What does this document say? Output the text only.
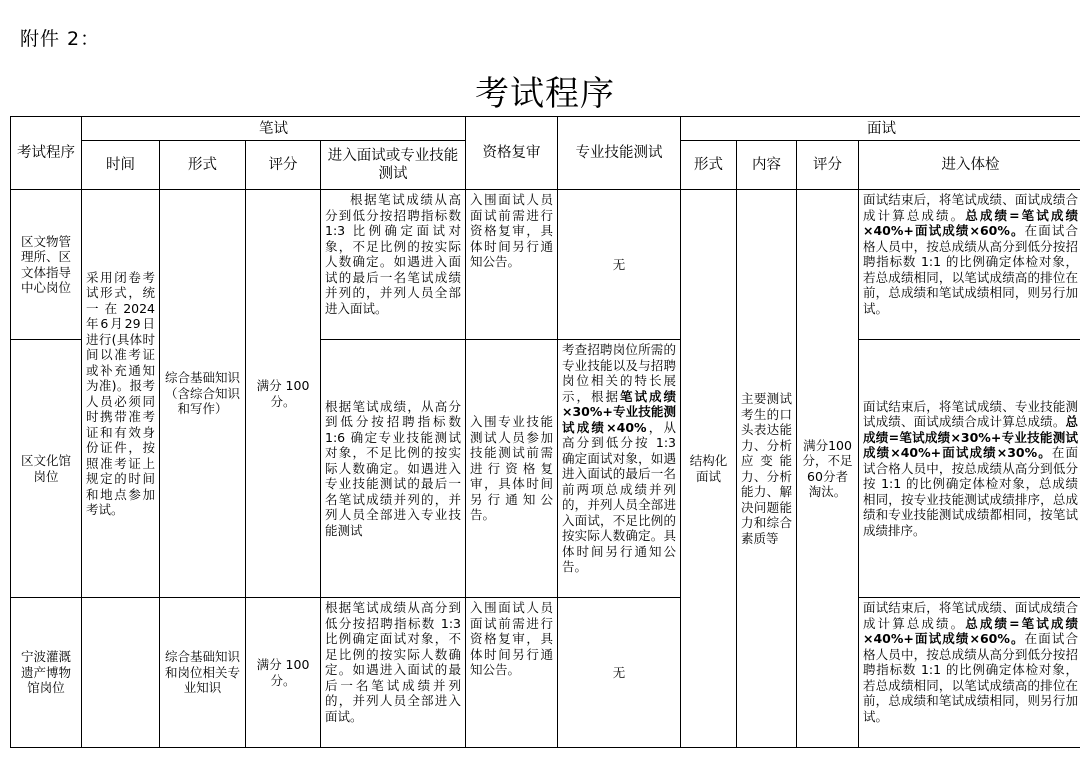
附件 2：
考试程序
考试程序	笔试				资格复审	专业技能测试	面试			
	时间	形式	评分	进入面试或专业技能测试			形式	内容	评分	进入体检
区文物管理所、区文体指导中心岗位	采用闭卷考试形式，统一在2024年6月29日进行(具体时间以准考证或补充通知为准)。报考人员必须同时携带准考证和有效身份证件，按照准考证上规定的时间和地点参加考试。	综合基础知识（含综合知识和写作）	满分 100 分。	根据笔试成绩从高分到低分按招聘指标数 1:3 比例确定面试对象，不足比例的按实际人数确定。如遇进入面试的最后一名笔试成绩并列的，并列人员全部进入面试。	入围面试人员面试前需进行资格复审，具体时间另行通知公告。	无	结构化面试	主要测试考生的口头表达能力、分析应变能力、分析能力、解决问题能力和综合素质等	满分100分，不足60分者淘汰。	面试结束后，将笔试成绩、面试成绩合成计算总成绩。总成绩=笔试成绩×40%+面试成绩×60%。在面试合格人员中，按总成绩从高分到低分按招聘指标数 1:1 的比例确定体检对象，若总成绩相同，以笔试成绩高的排位在前，总成绩和笔试成绩相同，则另行加试。
区文化馆岗位				根据笔试成绩，从高分到低分按招聘指标数 1:6 确定专业技能测试对象，不足比例的按实际人数确定。如遇进入专业技能测试的最后一名笔试成绩并列的，并列人员全部进入专业技能测试	入围专业技能测试人员参加技能测试前需进行资格复审，具体时间另行通知公告。	考查招聘岗位所需的专业技能以及与招聘岗位相关的特长展示，根据笔试成绩×30%+专业技能测试成绩×40%，从高分到低分按 1:3 确定面试对象，如遇进入面试的最后一名前两项总成绩并列的，并列人员全部进入面试，不足比例的按实际人数确定。具体时间另行通知公告。				面试结束后，将笔试成绩、专业技能测试成绩、面试成绩合成计算总成绩。总成绩=笔试成绩×30%+专业技能测试成绩×40%+面试成绩×30%。在面试合格人员中，按总成绩从高分到低分按 1:1 的比例确定体检对象，总成绩相同，按专业技能测试成绩排序，总成绩和专业技能测试成绩都相同，按笔试成绩排序。
宁波灌溉遗产博物馆岗位		综合基础知识和岗位相关专业知识	满分 100 分。	根据笔试成绩从高分到低分按招聘指标数 1:3 比例确定面试对象，不足比例的按实际人数确定。如遇进入面试的最后一名笔试成绩并列的，并列人员全部进入面试。	入围面试人员面试前需进行资格复审，具体时间另行通知公告。	无				面试结束后，将笔试成绩、面试成绩合成计算总成绩。总成绩=笔试成绩×40%+面试成绩×60%。在面试合格人员中，按总成绩从高分到低分按招聘指标数 1:1 的比例确定体检对象，若总成绩相同，以笔试成绩高的排位在前，总成绩和笔试成绩相同，则另行加试。
